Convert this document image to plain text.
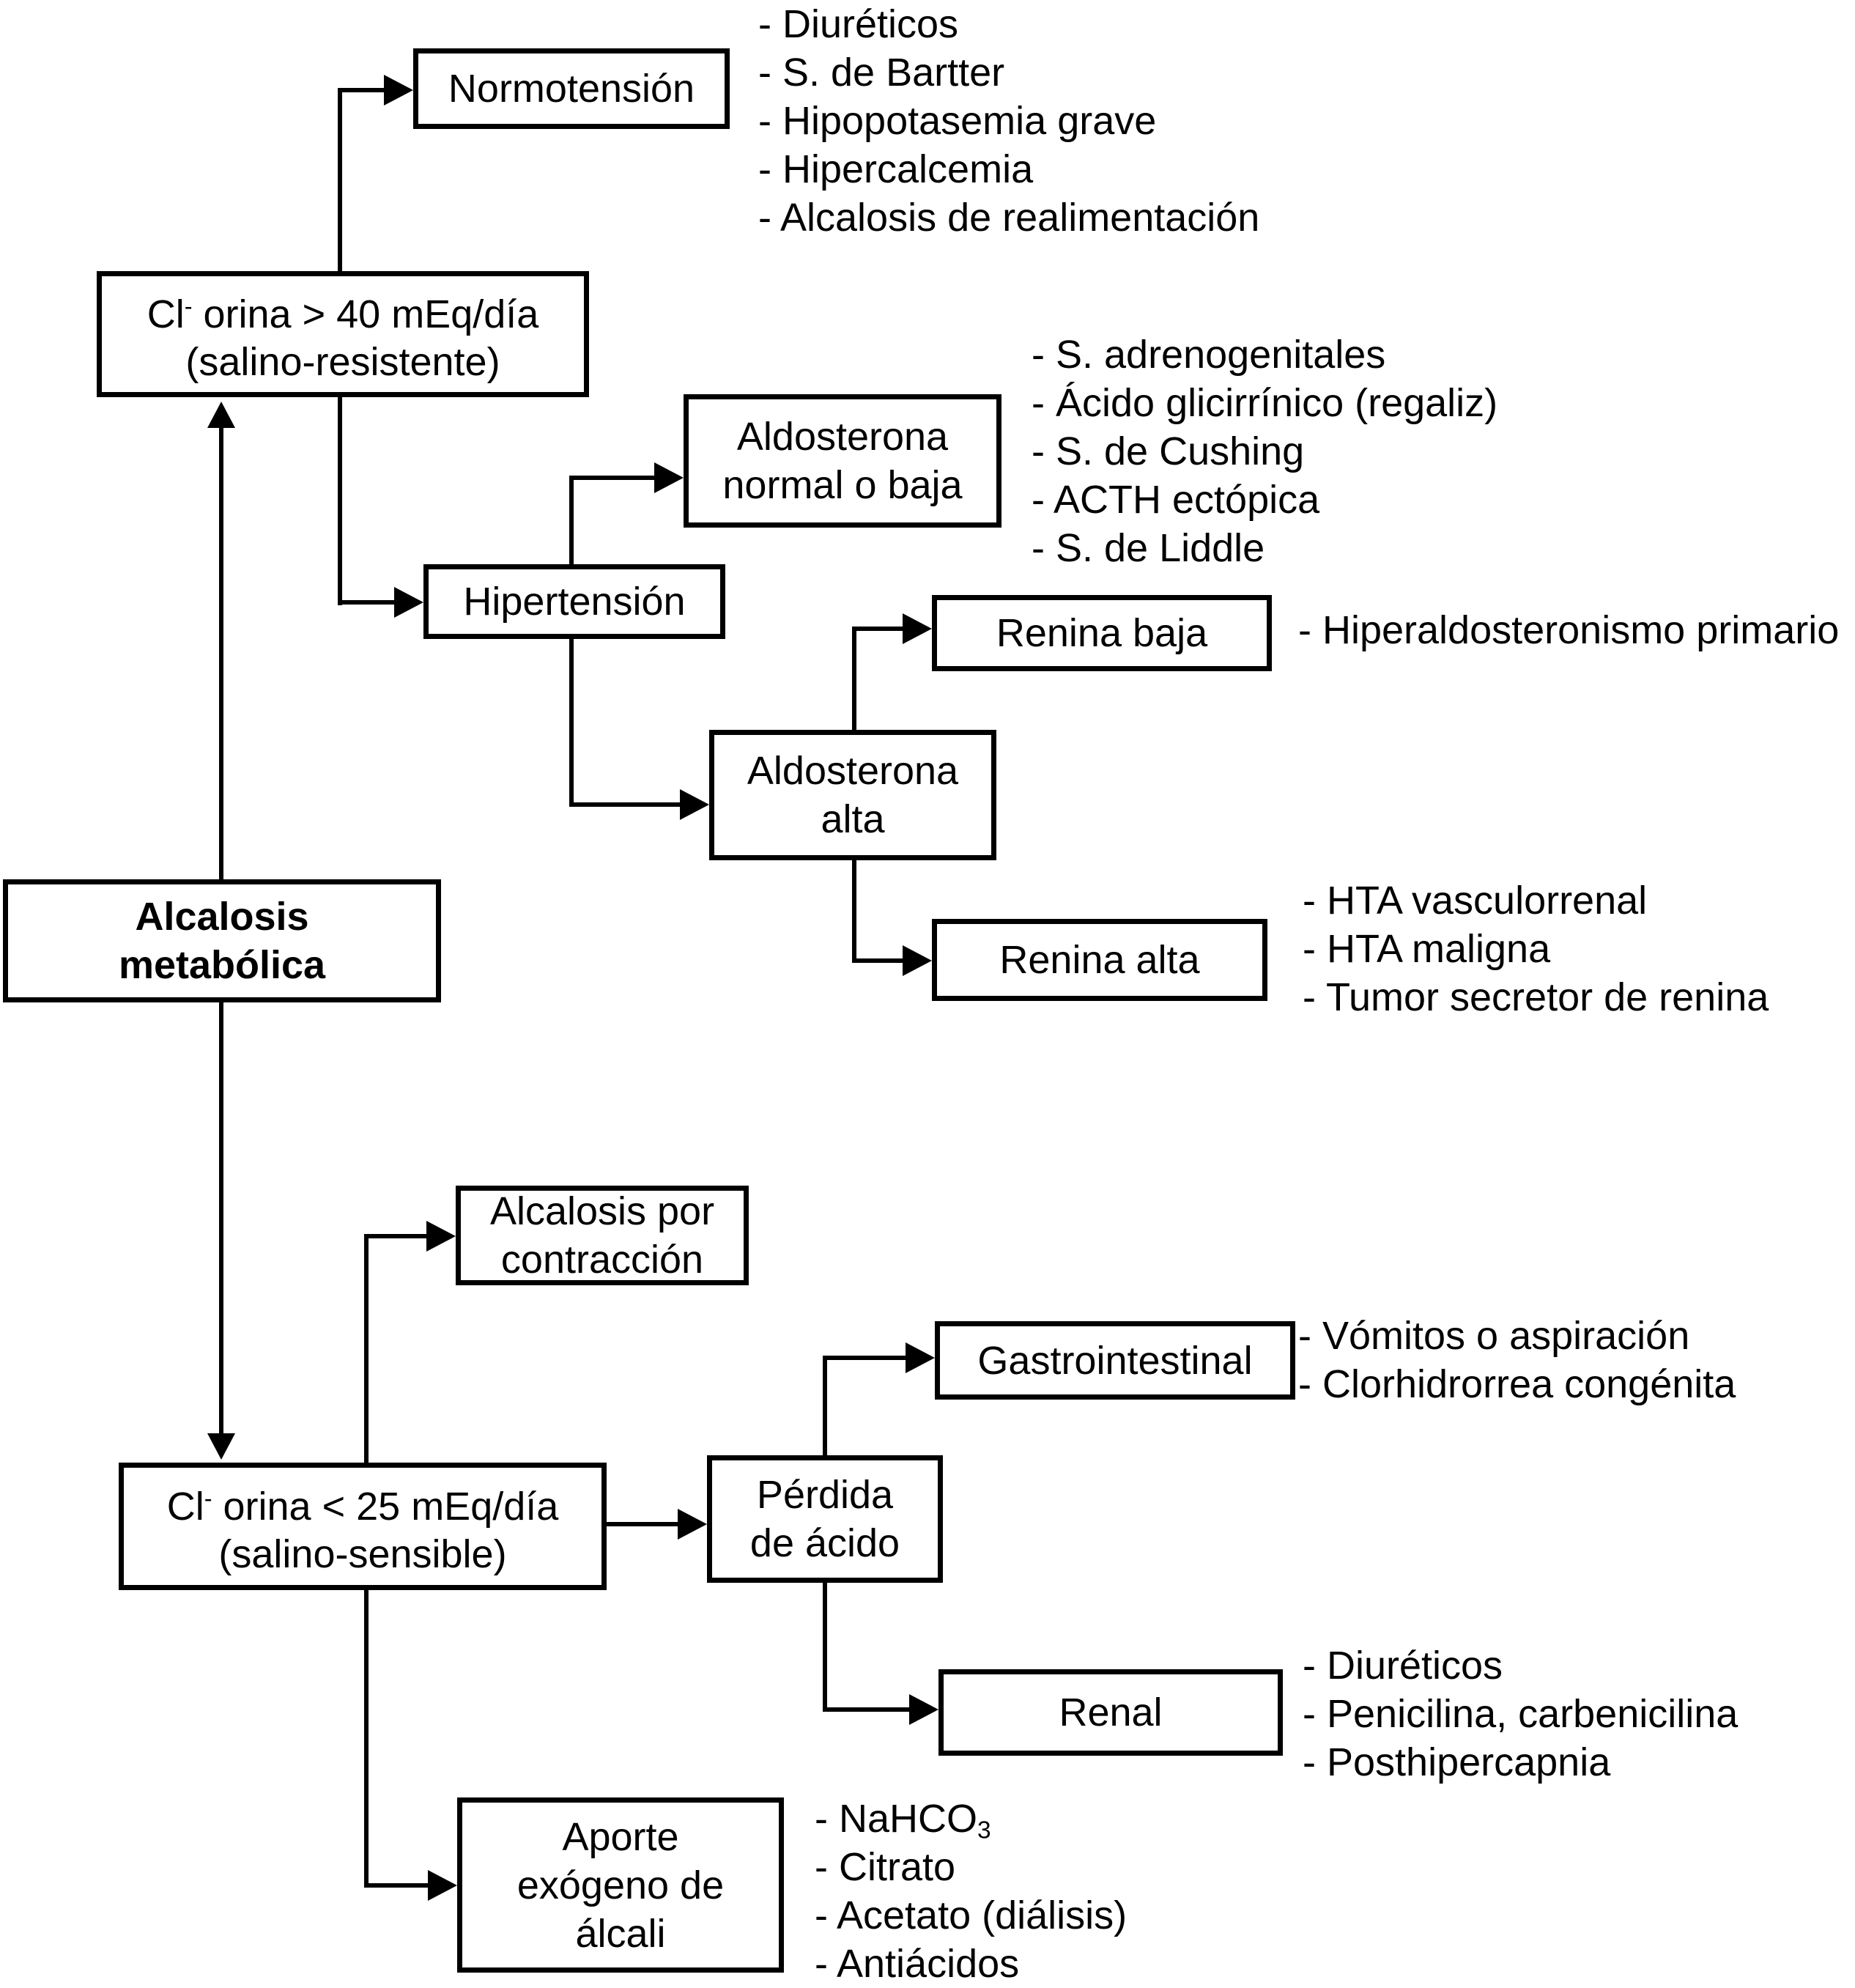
Normotensión
Cl- orina > 40 mEq/día
(salino-resistente)
Hipertensión
Aldosterona
normal o baja
Renina baja
Aldosterona
alta
Renina alta
Alcalosis
metabólica
Alcalosis por
contracción
Cl- orina < 25 mEq/día
(salino-sensible)
Pérdida
de ácido
Gastrointestinal
Renal
Aporte
exógeno de
álcali
- Diuréticos
- S. de Bartter
- Hipopotasemia grave
- Hipercalcemia
- Alcalosis de realimentación
- S. adrenogenitales
- Ácido glicirrínico (regaliz)
- S. de Cushing
- ACTH ectópica
- S. de Liddle
- Hiperaldosteronismo primario
- HTA vasculorrenal
- HTA maligna
- Tumor secretor de renina
- Vómitos o aspiración
- Clorhidrorrea congénita
- Diuréticos
- Penicilina, carbenicilina
- Posthipercapnia
- NaHCO$_3$
- Citrato
- Acetato (diálisis)
- Antiácidos
